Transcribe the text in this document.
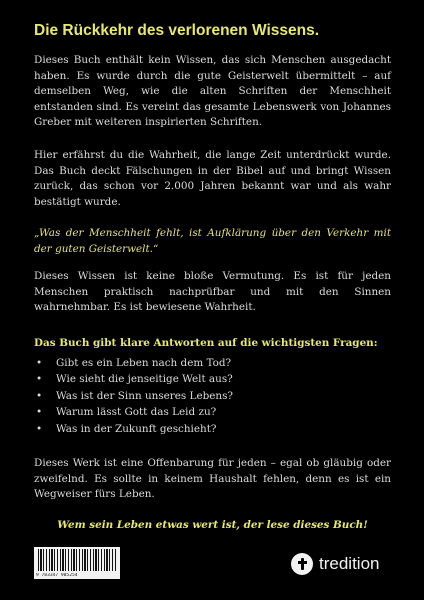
Die Rückkehr des verlorenen Wissens.
Dieses Buch enthält kein Wissen, das sich Menschen ausgedacht haben. Es wurde durch die gute Geisterwelt übermittelt – auf demselben Weg, wie die alten Schriften der Menschheit entstanden sind. Es vereint das gesamte Lebenswerk von Johannes Greber mit weiteren inspirierten Schriften.
Hier erfährst du die Wahrheit, die lange Zeit unterdrückt wurde. Das Buch deckt Fälschungen in der Bibel auf und bringt Wissen zurück, das schon vor 2.000 Jahren bekannt war und als wahr bestätigt wurde.
„Was der Menschheit fehlt, ist Aufklärung über den Verkehr mit der guten Geisterwelt.“
Dieses Wissen ist keine bloße Vermutung. Es ist für jeden Menschen praktisch nachprüfbar und mit den Sinnen wahrnehmbar. Es ist bewiesene Wahrheit.
Das Buch gibt klare Antworten auf die wichtigsten Fragen:
• Gibt es ein Leben nach dem Tod?
• Wie sieht die jenseitige Welt aus?
• Was ist der Sinn unseres Lebens?
• Warum lässt Gott das Leid zu?
• Was in der Zukunft geschieht?
Dieses Werk ist eine Offenbarung für jeden – egal ob gläubig oder zweifelnd. Es sollte in keinem Haushalt fehlen, denn es ist ein Wegweiser fürs Leben.
Wem sein Leben etwas wert ist, der lese dieses Buch!
9 783347 905254
tredition
